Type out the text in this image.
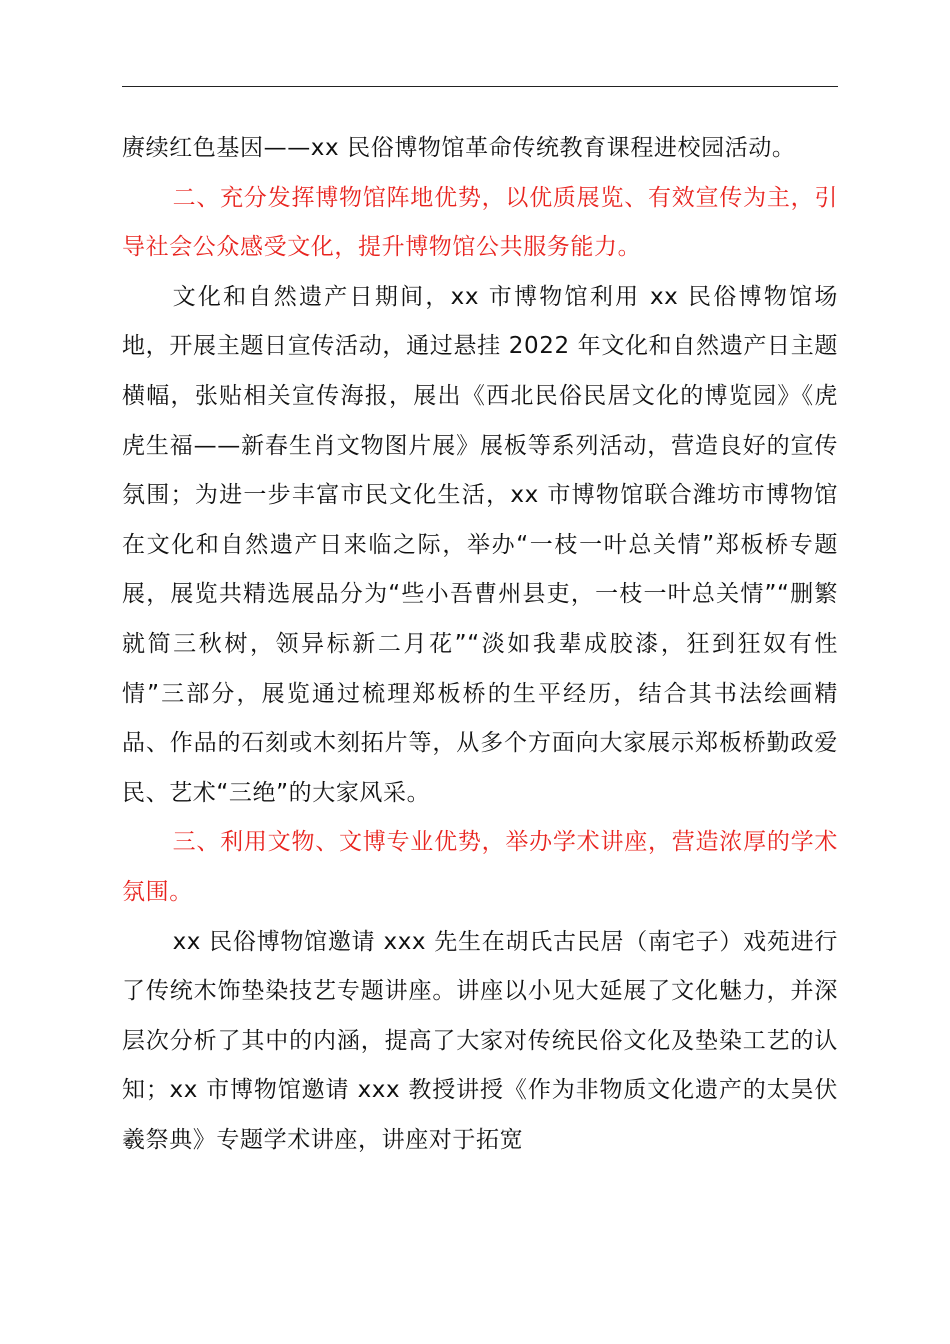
赓续红色基因——xx 民俗博物馆革命传统教育课程进校园活动。

二、充分发挥博物馆阵地优势，以优质展览、有效宣传为主，引导社会公众感受文化，提升博物馆公共服务能力。

文化和自然遗产日期间，xx 市博物馆利用 xx 民俗博物馆场地，开展主题日宣传活动，通过悬挂 2022 年文化和自然遗产日主题横幅，张贴相关宣传海报，展出《西北民俗民居文化的博览园》《虎虎生福——新春生肖文物图片展》展板等系列活动，营造良好的宣传氛围；为进一步丰富市民文化生活，xx 市博物馆联合潍坊市博物馆在文化和自然遗产日来临之际，举办“一枝一叶总关情”郑板桥专题展，展览共精选展品分为“些小吾曹州县吏，一枝一叶总关情”“删繁就简三秋树，领异标新二月花”“淡如我辈成胶漆，狂到狂奴有性情”三部分，展览通过梳理郑板桥的生平经历，结合其书法绘画精品、作品的石刻或木刻拓片等，从多个方面向大家展示郑板桥勤政爱民、艺术“三绝”的大家风采。

三、利用文物、文博专业优势，举办学术讲座，营造浓厚的学术氛围。

xx 民俗博物馆邀请 xxx 先生在胡氏古民居（南宅子）戏苑进行了传统木饰垫染技艺专题讲座。讲座以小见大延展了文化魅力，并深层次分析了其中的内涵，提高了大家对传统民俗文化及垫染工艺的认知；xx 市博物馆邀请 xxx 教授讲授《作为非物质文化遗产的太昊伏羲祭典》专题学术讲座，讲座对于拓宽
